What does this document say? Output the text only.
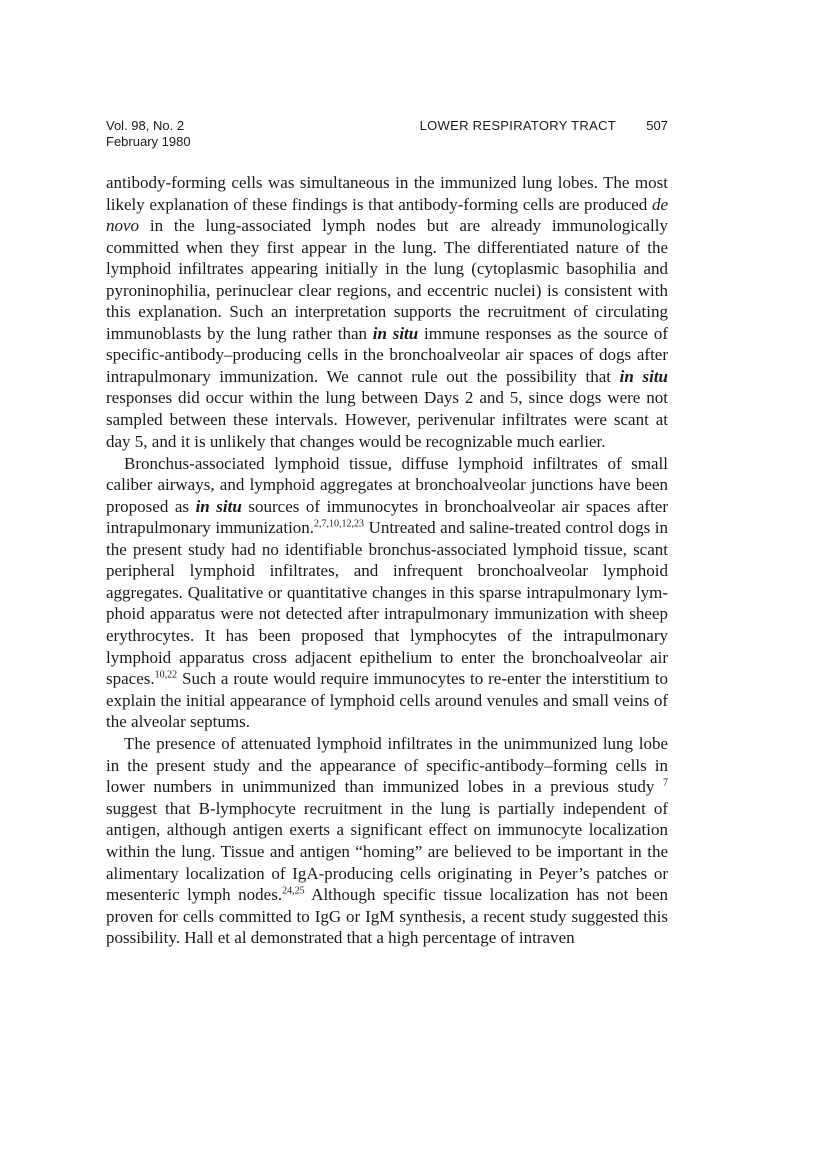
Vol. 98, No. 2
February 1980
LOWER RESPIRATORY TRACT 507

antibody-forming cells was simultaneous in the immunized lung lobes. The most likely explanation of these findings is that antibody-forming cells are produced de novo in the lung-associated lymph nodes but are already immunologically committed when they first appear in the lung. The differentiated nature of the lymphoid infiltrates appearing initially in the lung (cytoplasmic basophilia and pyroninophilia, perinuclear clear regions, and eccentric nuclei) is consistent with this explanation. Such an interpretation supports the recruitment of circulating immunoblasts by the lung rather than in situ immune responses as the source of specific-antibody–producing cells in the bronchoalveolar air spaces of dogs after intrapulmonary immunization. We cannot rule out the possibility that in situ responses did occur within the lung between Days 2 and 5, since dogs were not sampled between these intervals. However, perivenular infiltrates were scant at day 5, and it is unlikely that changes would be recognizable much earlier.

Bronchus-associated lymphoid tissue, diffuse lymphoid infiltrates of small caliber airways, and lymphoid aggregates at bronchoalveolar junctions have been proposed as in situ sources of immunocytes in bronchoalveolar air spaces after intrapulmonary immunization.$^{2,7,10,12,23}$ Untreated and saline-treated control dogs in the present study had no identifiable bronchus-associated lymphoid tissue, scant peripheral lymphoid infiltrates, and infrequent bronchoalveolar lymphoid aggregates. Qualitative or quantitative changes in this sparse intrapulmonary lymphoid apparatus were not detected after intrapulmonary immunization with sheep erythrocytes. It has been proposed that lymphocytes of the intrapulmonary lymphoid apparatus cross adjacent epithelium to enter the bronchoalveolar air spaces.$^{10,22}$ Such a route would require immunocytes to re-enter the interstitium to explain the initial appearance of lymphoid cells around venules and small veins of the alveolar septums.

The presence of attenuated lymphoid infiltrates in the unimmunized lung lobe in the present study and the appearance of specific-antibody–forming cells in lower numbers in unimmunized than immunized lobes in a previous study $^7$ suggest that B-lymphocyte recruitment in the lung is partially independent of antigen, although antigen exerts a significant effect on immunocyte localization within the lung. Tissue and antigen “homing” are believed to be important in the alimentary localization of IgA-producing cells originating in Peyer’s patches or mesenteric lymph nodes.$^{24,25}$ Although specific tissue localization has not been proven for cells committed to IgG or IgM synthesis, a recent study suggested this possibility. Hall et al demonstrated that a high percentage of intraven
